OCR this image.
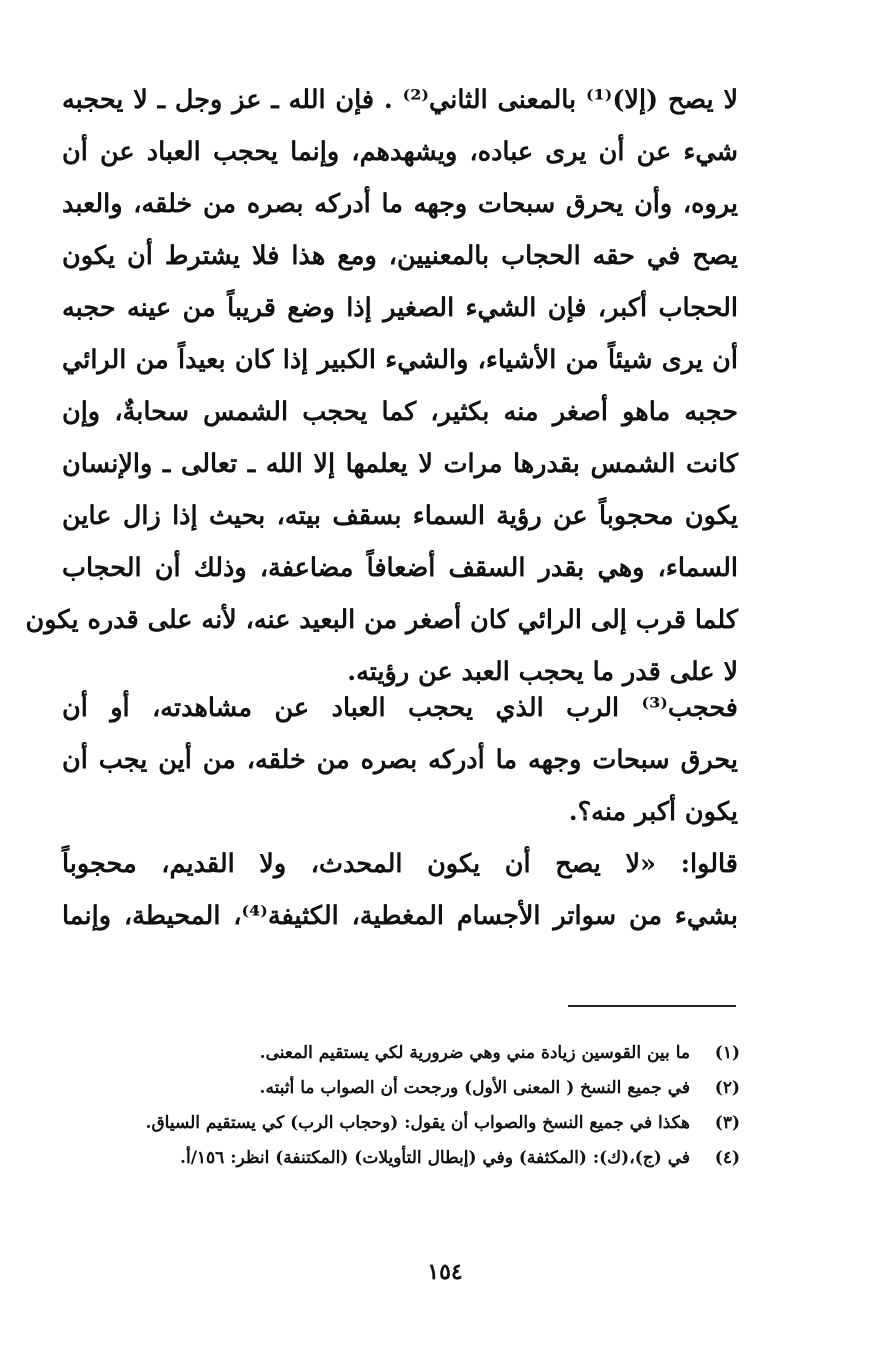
لا يصح (إلا)⁽¹⁾ بالمعنى الثاني⁽²⁾ . فإن الله ـ عز وجل ـ لا يحجبه
شيء عن أن يرى عباده، ويشهدهم، وإنما يحجب العباد عن أن
يروه، وأن يحرق سبحات وجهه ما أدركه بصره من خلقه، والعبد
يصح في حقه الحجاب بالمعنيين، ومع هذا فلا يشترط أن يكون
الحجاب أكبر، فإن الشيء الصغير إذا وضع قريباً من عينه حجبه
أن يرى شيئاً من الأشياء، والشيء الكبير إذا كان بعيداً من الرائي
حجبه ماهو أصغر منه بكثير، كما يحجب الشمس سحابةٌ، وإن
كانت الشمس بقدرها مرات لا يعلمها إلا الله ـ تعالى ـ والإنسان
يكون محجوباً عن رؤية السماء بسقف بيته، بحيث إذا زال عاين
السماء، وهي بقدر السقف أضعافاً مضاعفة، وذلك أن الحجاب
كلما قرب إلى الرائي كان أصغر من البعيد عنه، لأنه على قدره يكون
لا على قدر ما يحجب العبد عن رؤيته.
فحجب⁽³⁾ الرب الذي يحجب العباد عن مشاهدته، أو أن
يحرق سبحات وجهه ما أدركه بصره من خلقه، من أين يجب أن
يكون أكبر منه؟.
قالوا: «لا يصح أن يكون المحدث، ولا القديم، محجوباً
بشيء من سواتر الأجسام المغطية، الكثيفة⁽⁴⁾، المحيطة، وإنما
(١)
ما بين القوسين زيادة مني وهي ضرورية لكي يستقيم المعنى.
(٢)
في جميع النسخ ( المعنى الأول) ورجحت أن الصواب ما أثبته.
(٣)
هكذا في جميع النسخ والصواب أن يقول: (وحجاب الرب) كي يستقيم السياق.
(٤)
في (ج)،(ك): (المكثفة) وفي (إبطال التأويلات) (المكتنفة) انظر: ١٥٦/أ.
١٥٤
